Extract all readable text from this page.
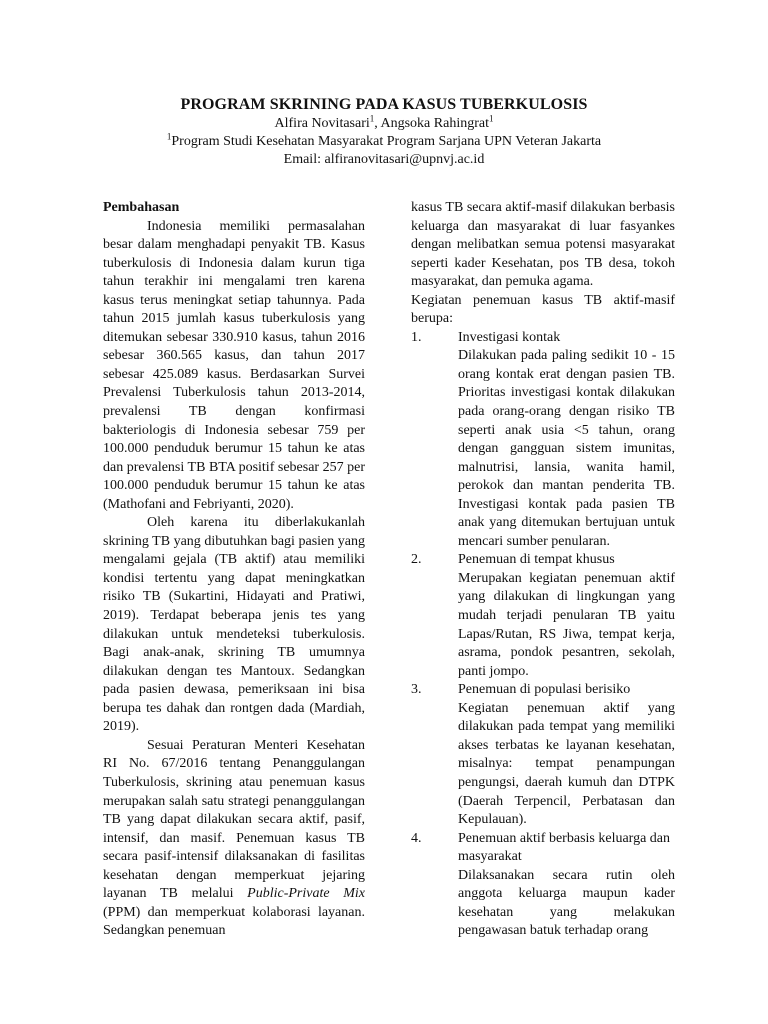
PROGRAM SKRINING PADA KASUS TUBERKULOSIS
Alfira Novitasari$^1$, Angsoka Rahingrat$^1$
$^1$Program Studi Kesehatan Masyarakat Program Sarjana UPN Veteran Jakarta
Email: alfiranovitasari@upnvj.ac.id

Pembahasan

Indonesia memiliki permasalahan besar dalam menghadapi penyakit TB. Kasus tuberkulosis di Indonesia dalam kurun tiga tahun terakhir ini mengalami tren karena kasus terus meningkat setiap tahunnya. Pada tahun 2015 jumlah kasus tuberkulosis yang ditemukan sebesar 330.910 kasus, tahun 2016 sebesar 360.565 kasus, dan tahun 2017 sebesar 425.089 kasus. Berdasarkan Survei Prevalensi Tuberkulosis tahun 2013-2014, prevalensi TB dengan konfirmasi bakteriologis di Indonesia sebesar 759 per 100.000 penduduk berumur 15 tahun ke atas dan prevalensi TB BTA positif sebesar 257 per 100.000 penduduk berumur 15 tahun ke atas (Mathofani and Febriyanti, 2020).

Oleh karena itu diberlakukanlah skrining TB yang dibutuhkan bagi pasien yang mengalami gejala (TB aktif) atau memiliki kondisi tertentu yang dapat meningkatkan risiko TB (Sukartini, Hidayati and Pratiwi, 2019). Terdapat beberapa jenis tes yang dilakukan untuk mendeteksi tuberkulosis. Bagi anak-anak, skrining TB umumnya dilakukan dengan tes Mantoux. Sedangkan pada pasien dewasa, pemeriksaan ini bisa berupa tes dahak dan rontgen dada (Mardiah, 2019).

Sesuai Peraturan Menteri Kesehatan RI No. 67/2016 tentang Penanggulangan Tuberkulosis, skrining atau penemuan kasus merupakan salah satu strategi penanggulangan TB yang dapat dilakukan secara aktif, pasif, intensif, dan masif. Penemuan kasus TB secara pasif-intensif dilaksanakan di fasilitas kesehatan dengan memperkuat jejaring layanan TB melalui Public-Private Mix (PPM) dan memperkuat kolaborasi layanan. Sedangkan penemuan

kasus TB secara aktif-masif dilakukan berbasis keluarga dan masyarakat di luar fasyankes dengan melibatkan semua potensi masyarakat seperti kader Kesehatan, pos TB desa, tokoh masyarakat, dan pemuka agama.

Kegiatan penemuan kasus TB aktif-masif berupa:

1.	Investigasi kontak

Dilakukan pada paling sedikit 10 - 15 orang kontak erat dengan pasien TB. Prioritas investigasi kontak dilakukan pada orang-orang dengan risiko TB seperti anak usia <5 tahun, orang dengan gangguan sistem imunitas, malnutrisi, lansia, wanita hamil, perokok dan mantan penderita TB. Investigasi kontak pada pasien TB anak yang ditemukan bertujuan untuk mencari sumber penularan.

2.	Penemuan di tempat khusus

Merupakan kegiatan penemuan aktif yang dilakukan di lingkungan yang mudah terjadi penularan TB yaitu Lapas/Rutan, RS Jiwa, tempat kerja, asrama, pondok pesantren, sekolah, panti jompo.

3.	Penemuan di populasi berisiko

Kegiatan penemuan aktif yang dilakukan pada tempat yang memiliki akses terbatas ke layanan kesehatan, misalnya: tempat penampungan pengungsi, daerah kumuh dan DTPK (Daerah Terpencil, Perbatasan dan Kepulauan).

4.	Penemuan aktif berbasis keluarga dan masyarakat

Dilaksanakan secara rutin oleh anggota keluarga maupun kader kesehatan yang melakukan pengawasan batuk terhadap orang
